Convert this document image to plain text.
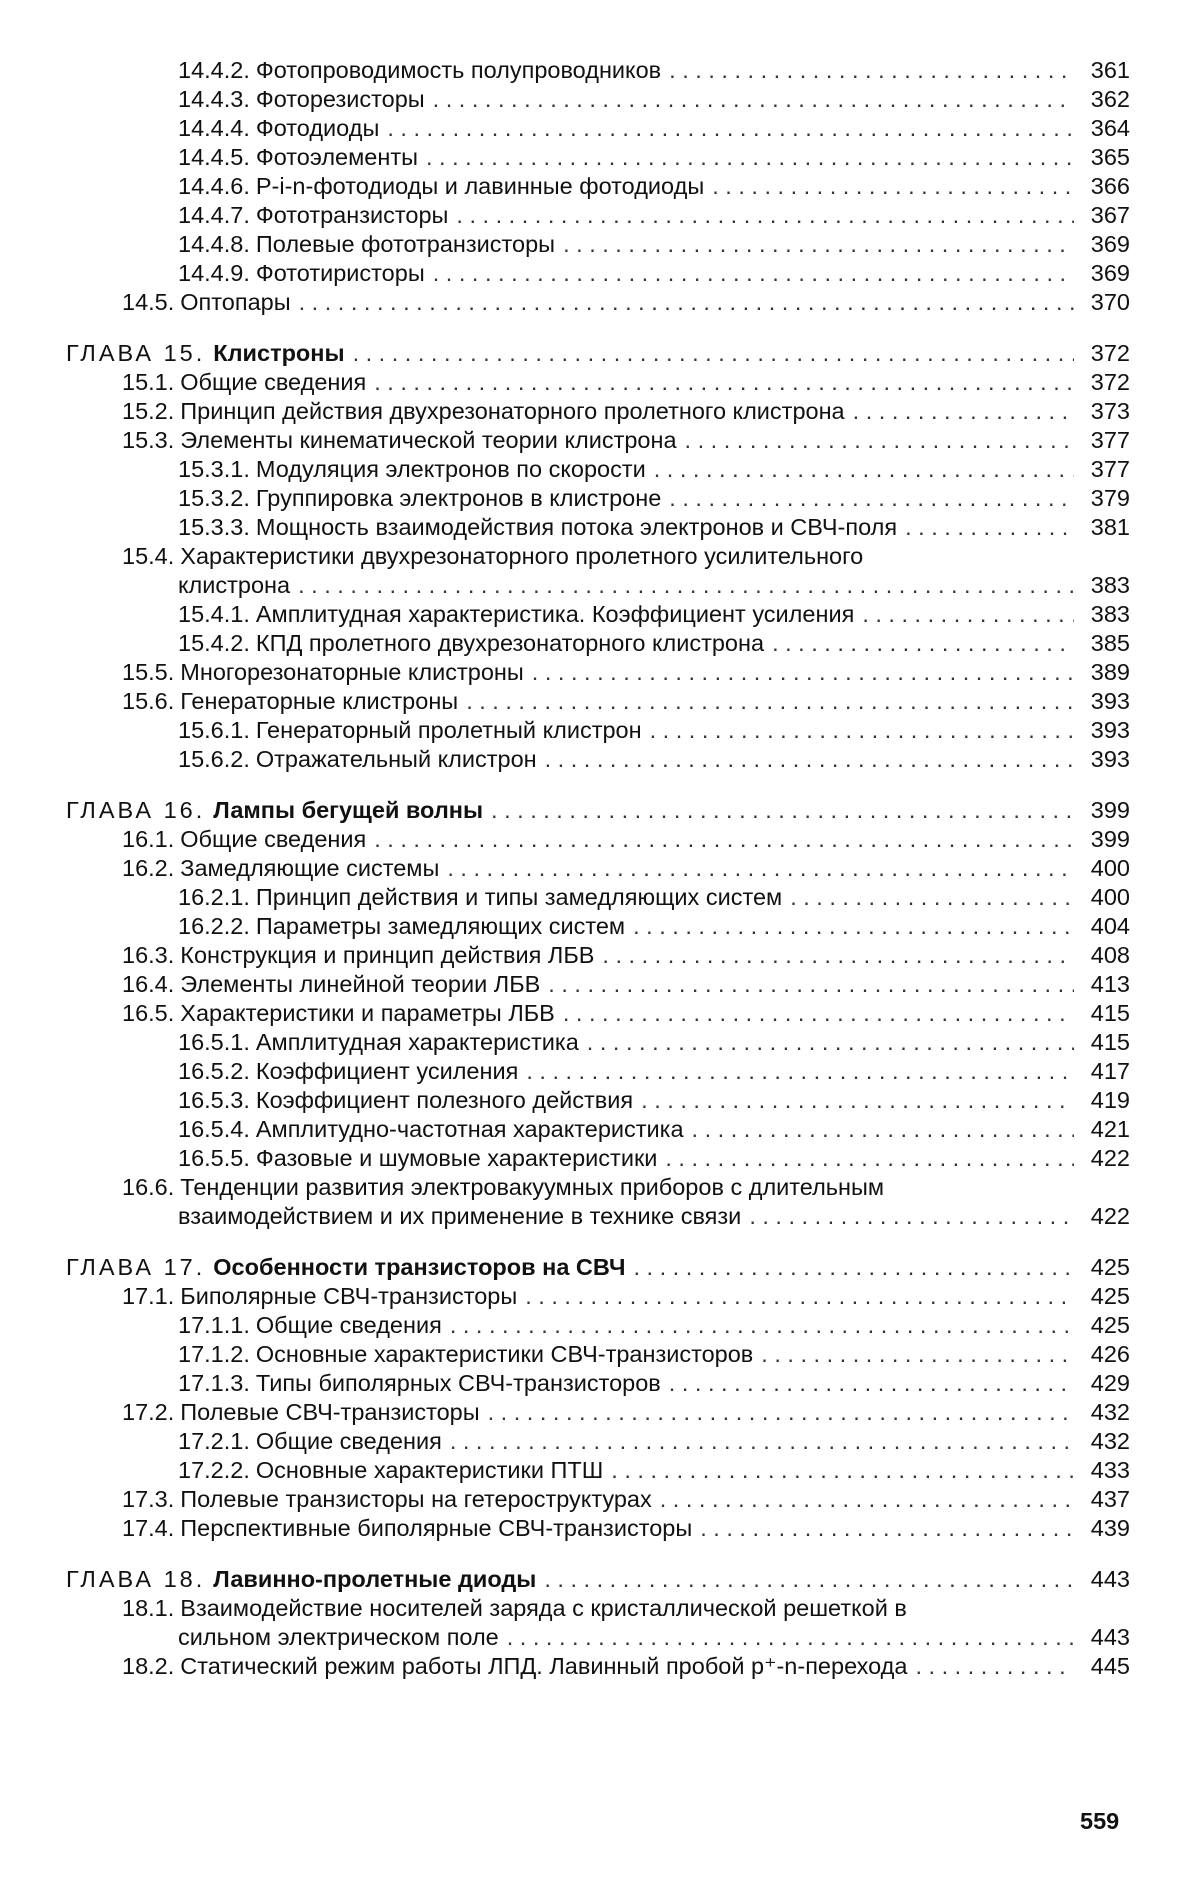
14.4.2. Фотопроводимость полупроводников . . .	361
14.4.3. Фоторезисторы . . .	362
14.4.4. Фотодиоды . . .	364
14.4.5. Фотоэлементы . . .	365
14.4.6. P-i-n-фотодиоды и лавинные фотодиоды . . .	366
14.4.7. Фототранзисторы . . .	367
14.4.8. Полевые фототранзисторы . . .	369
14.4.9. Фототиристоры . . .	369
14.5. Оптопары . . .	370
ГЛАВА 15. Клистроны . . .	372
15.1. Общие сведения . . .	372
15.2. Принцип действия двухрезонаторного пролетного клистрона . . .	373
15.3. Элементы кинематической теории клистрона . . .	377
15.3.1. Модуляция электронов по скорости . . .	377
15.3.2. Группировка электронов в клистроне . . .	379
15.3.3. Мощность взаимодействия потока электронов и СВЧ-поля . . .	381
15.4. Характеристики двухрезонаторного пролетного усилительного
клистрона . . .	383
15.4.1. Амплитудная характеристика. Коэффициент усиления . . .	383
15.4.2. КПД пролетного двухрезонаторного клистрона . . .	385
15.5. Многорезонаторные клистроны . . .	389
15.6. Генераторные клистроны . . .	393
15.6.1. Генераторный пролетный клистрон . . .	393
15.6.2. Отражательный клистрон . . .	393
ГЛАВА 16. Лампы бегущей волны . . .	399
16.1. Общие сведения . . .	399
16.2. Замедляющие системы . . .	400
16.2.1. Принцип действия и типы замедляющих систем . . .	400
16.2.2. Параметры замедляющих систем . . .	404
16.3. Конструкция и принцип действия ЛБВ . . .	408
16.4. Элементы линейной теории ЛБВ . . .	413
16.5. Характеристики и параметры ЛБВ . . .	415
16.5.1. Амплитудная характеристика . . .	415
16.5.2. Коэффициент усиления . . .	417
16.5.3. Коэффициент полезного действия . . .	419
16.5.4. Амплитудно-частотная характеристика . . .	421
16.5.5. Фазовые и шумовые характеристики . . .	422
16.6. Тенденции развития электровакуумных приборов с длительным
взаимодействием и их применение в технике связи . . .	422
ГЛАВА 17. Особенности транзисторов на СВЧ . . .	425
17.1. Биполярные СВЧ-транзисторы . . .	425
17.1.1. Общие сведения . . .	425
17.1.2. Основные характеристики СВЧ-транзисторов . . .	426
17.1.3. Типы биполярных СВЧ-транзисторов . . .	429
17.2. Полевые СВЧ-транзисторы . . .	432
17.2.1. Общие сведения . . .	432
17.2.2. Основные характеристики ПТШ . . .	433
17.3. Полевые транзисторы на гетероструктурах . . .	437
17.4. Перспективные биполярные СВЧ-транзисторы . . .	439
ГЛАВА 18. Лавинно-пролетные диоды . . .	443
18.1. Взаимодействие носителей заряда с кристаллической решеткой в
сильном электрическом поле . . .	443
18.2. Статический режим работы ЛПД. Лавинный пробой p⁺-n-перехода . . .	445
559
